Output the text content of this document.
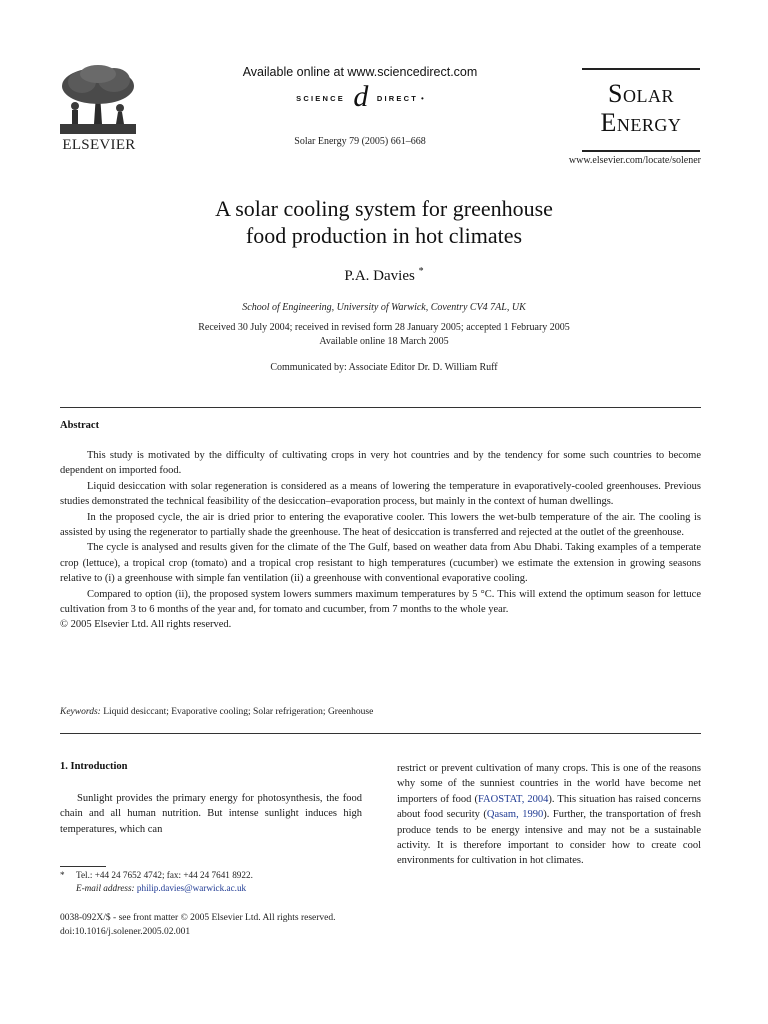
ELSEVIER
Available online at www.sciencedirect.com
SCIENCE d	DIRECT •
Solar Energy 79 (2005) 661–668
Solar
Energy
www.elsevier.com/locate/solener
A solar cooling system for greenhouse
food production in hot climates
P.A. Davies *
School of Engineering, University of Warwick, Coventry CV4 7AL, UK
Received 30 July 2004; received in revised form 28 January 2005; accepted 1 February 2005
Available online 18 March 2005
Communicated by: Associate Editor Dr. D. William Ruff
Abstract

This study is motivated by the difficulty of cultivating crops in very hot countries and by the tendency for some such countries to become dependent on imported food.

Liquid desiccation with solar regeneration is considered as a means of lowering the temperature in evaporatively-cooled greenhouses. Previous studies demonstrated the technical feasibility of the desiccation–evaporation process, but mainly in the context of human dwellings.

In the proposed cycle, the air is dried prior to entering the evaporative cooler. This lowers the wet-bulb temperature of the air. The cooling is assisted by using the regenerator to partially shade the greenhouse. The heat of desiccation is transferred and rejected at the outlet of the greenhouse.

The cycle is analysed and results given for the climate of the The Gulf, based on weather data from Abu Dhabi. Taking examples of a temperate crop (lettuce), a tropical crop (tomato) and a tropical crop resistant to high temperatures (cucumber) we estimate the extension in growing seasons relative to (i) a greenhouse with simple fan ventilation (ii) a greenhouse with conventional evaporative cooling.

Compared to option (ii), the proposed system lowers summers maximum temperatures by 5 °C. This will extend the optimum season for lettuce cultivation from 3 to 6 months of the year and, for tomato and cucumber, from 7 months to the whole year.

© 2005 Elsevier Ltd. All rights reserved.

Keywords: Liquid desiccant; Evaporative cooling; Solar refrigeration; Greenhouse
1. Introduction

Sunlight provides the primary energy for photosynthesis, the food chain and all human nutrition. But intense sunlight induces high temperatures, which can

restrict or prevent cultivation of many crops. This is one of the reasons why some of the sunniest countries in the world have become net importers of food (FAOSTAT, 2004). This situation has raised concerns about food security (Qasam, 1990). Further, the transportation of fresh produce tends to be energy intensive and may not be a sustainable activity. It is therefore important to consider how to create cool environments for cultivation in hot climates.

* Tel.: +44 24 7652 4742; fax: +44 24 7641 8922.
E-mail address: philip.davies@warwick.ac.uk
0038-092X/$ - see front matter © 2005 Elsevier Ltd. All rights reserved.
doi:10.1016/j.solener.2005.02.001
